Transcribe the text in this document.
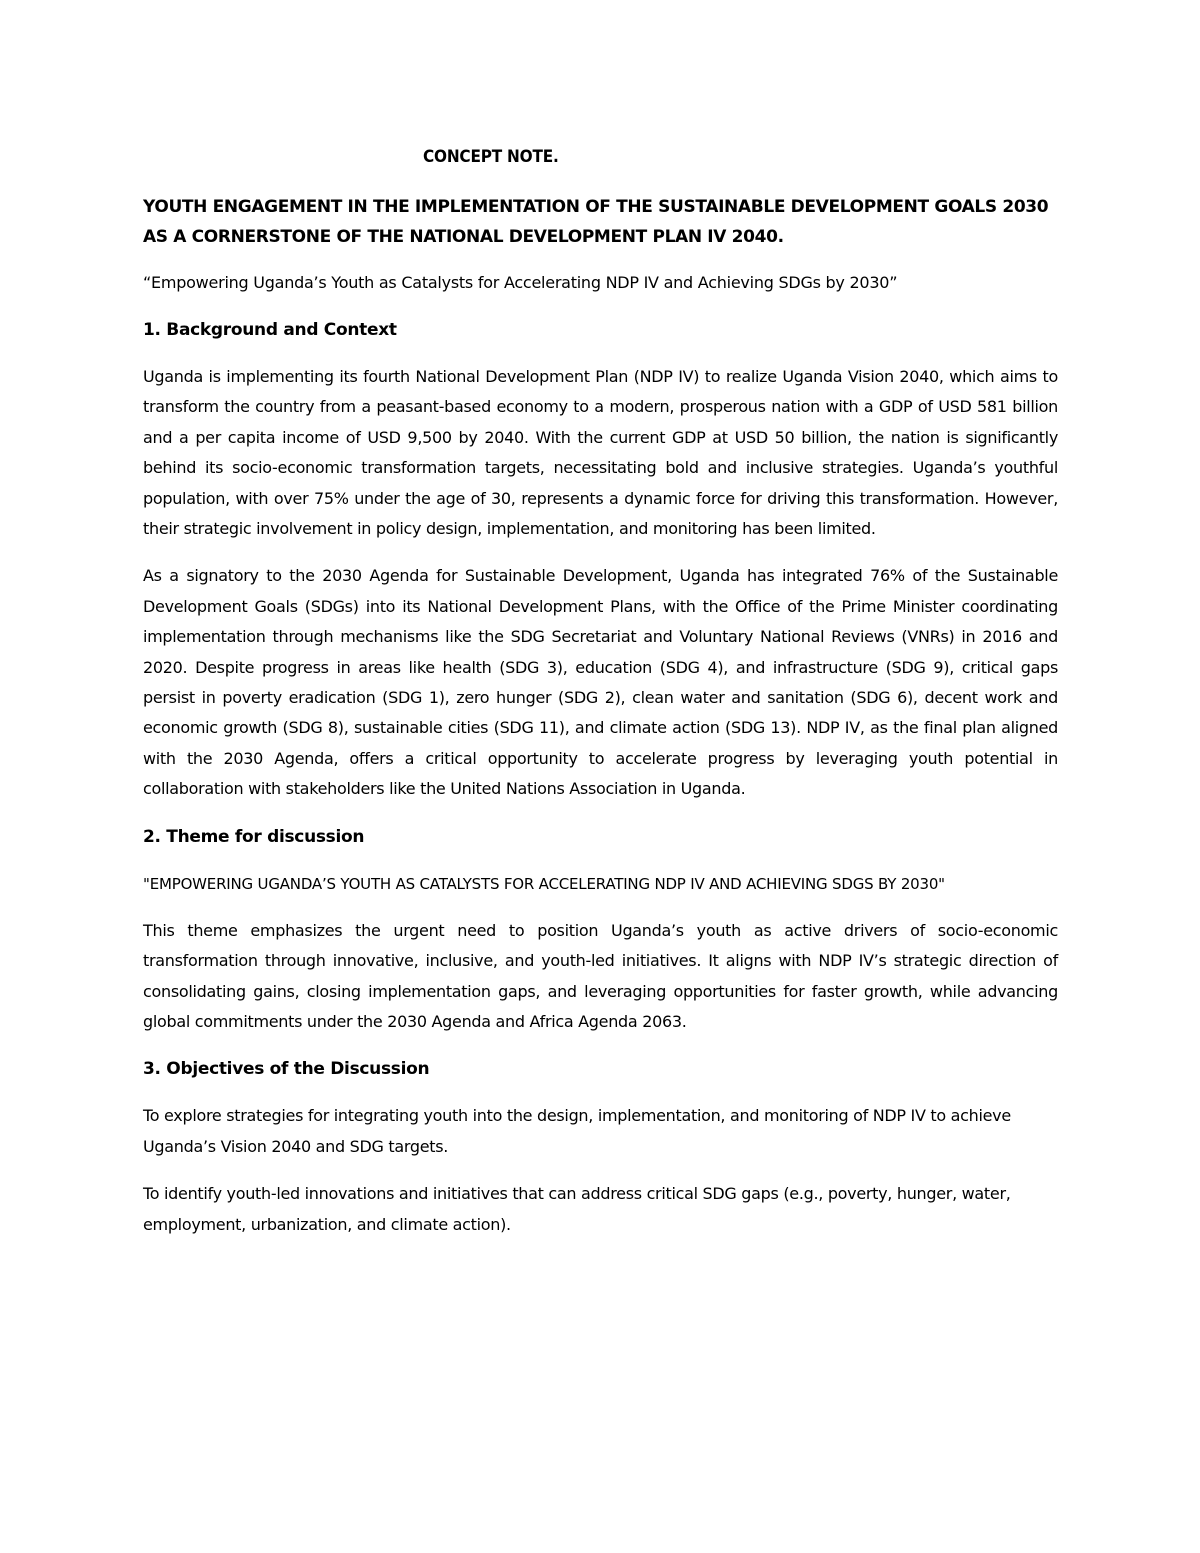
CONCEPT NOTE.
YOUTH ENGAGEMENT IN THE IMPLEMENTATION OF THE SUSTAINABLE DEVELOPMENT GOALS 2030 AS A CORNERSTONE OF THE NATIONAL DEVELOPMENT PLAN IV 2040.
“Empowering Uganda’s Youth as Catalysts for Accelerating NDP IV and Achieving SDGs by 2030”
1. Background and Context
Uganda is implementing its fourth National Development Plan (NDP IV) to realize Uganda Vision 2040, which aims to transform the country from a peasant-based economy to a modern, prosperous nation with a GDP of USD 581 billion and a per capita income of USD 9,500 by 2040. With the current GDP at USD 50 billion, the nation is significantly behind its socio-economic transformation targets, necessitating bold and inclusive strategies. Uganda’s youthful population, with over 75% under the age of 30, represents a dynamic force for driving this transformation. However, their strategic involvement in policy design, implementation, and monitoring has been limited.
As a signatory to the 2030 Agenda for Sustainable Development, Uganda has integrated 76% of the Sustainable Development Goals (SDGs) into its National Development Plans, with the Office of the Prime Minister coordinating implementation through mechanisms like the SDG Secretariat and Voluntary National Reviews (VNRs) in 2016 and 2020. Despite progress in areas like health (SDG 3), education (SDG 4), and infrastructure (SDG 9), critical gaps persist in poverty eradication (SDG 1), zero hunger (SDG 2), clean water and sanitation (SDG 6), decent work and economic growth (SDG 8), sustainable cities (SDG 11), and climate action (SDG 13). NDP IV, as the final plan aligned with the 2030 Agenda, offers a critical opportunity to accelerate progress by leveraging youth potential in collaboration with stakeholders like the United Nations Association in Uganda.
2. Theme for discussion
"EMPOWERING UGANDA’S YOUTH AS CATALYSTS FOR ACCELERATING NDP IV AND ACHIEVING SDGS BY 2030"
This theme emphasizes the urgent need to position Uganda’s youth as active drivers of socio-economic transformation through innovative, inclusive, and youth-led initiatives. It aligns with NDP IV’s strategic direction of consolidating gains, closing implementation gaps, and leveraging opportunities for faster growth, while advancing global commitments under the 2030 Agenda and Africa Agenda 2063.
3. Objectives of the Discussion
To explore strategies for integrating youth into the design, implementation, and monitoring of NDP IV to achieve Uganda’s Vision 2040 and SDG targets.
To identify youth-led innovations and initiatives that can address critical SDG gaps (e.g., poverty, hunger, water, employment, urbanization, and climate action).
